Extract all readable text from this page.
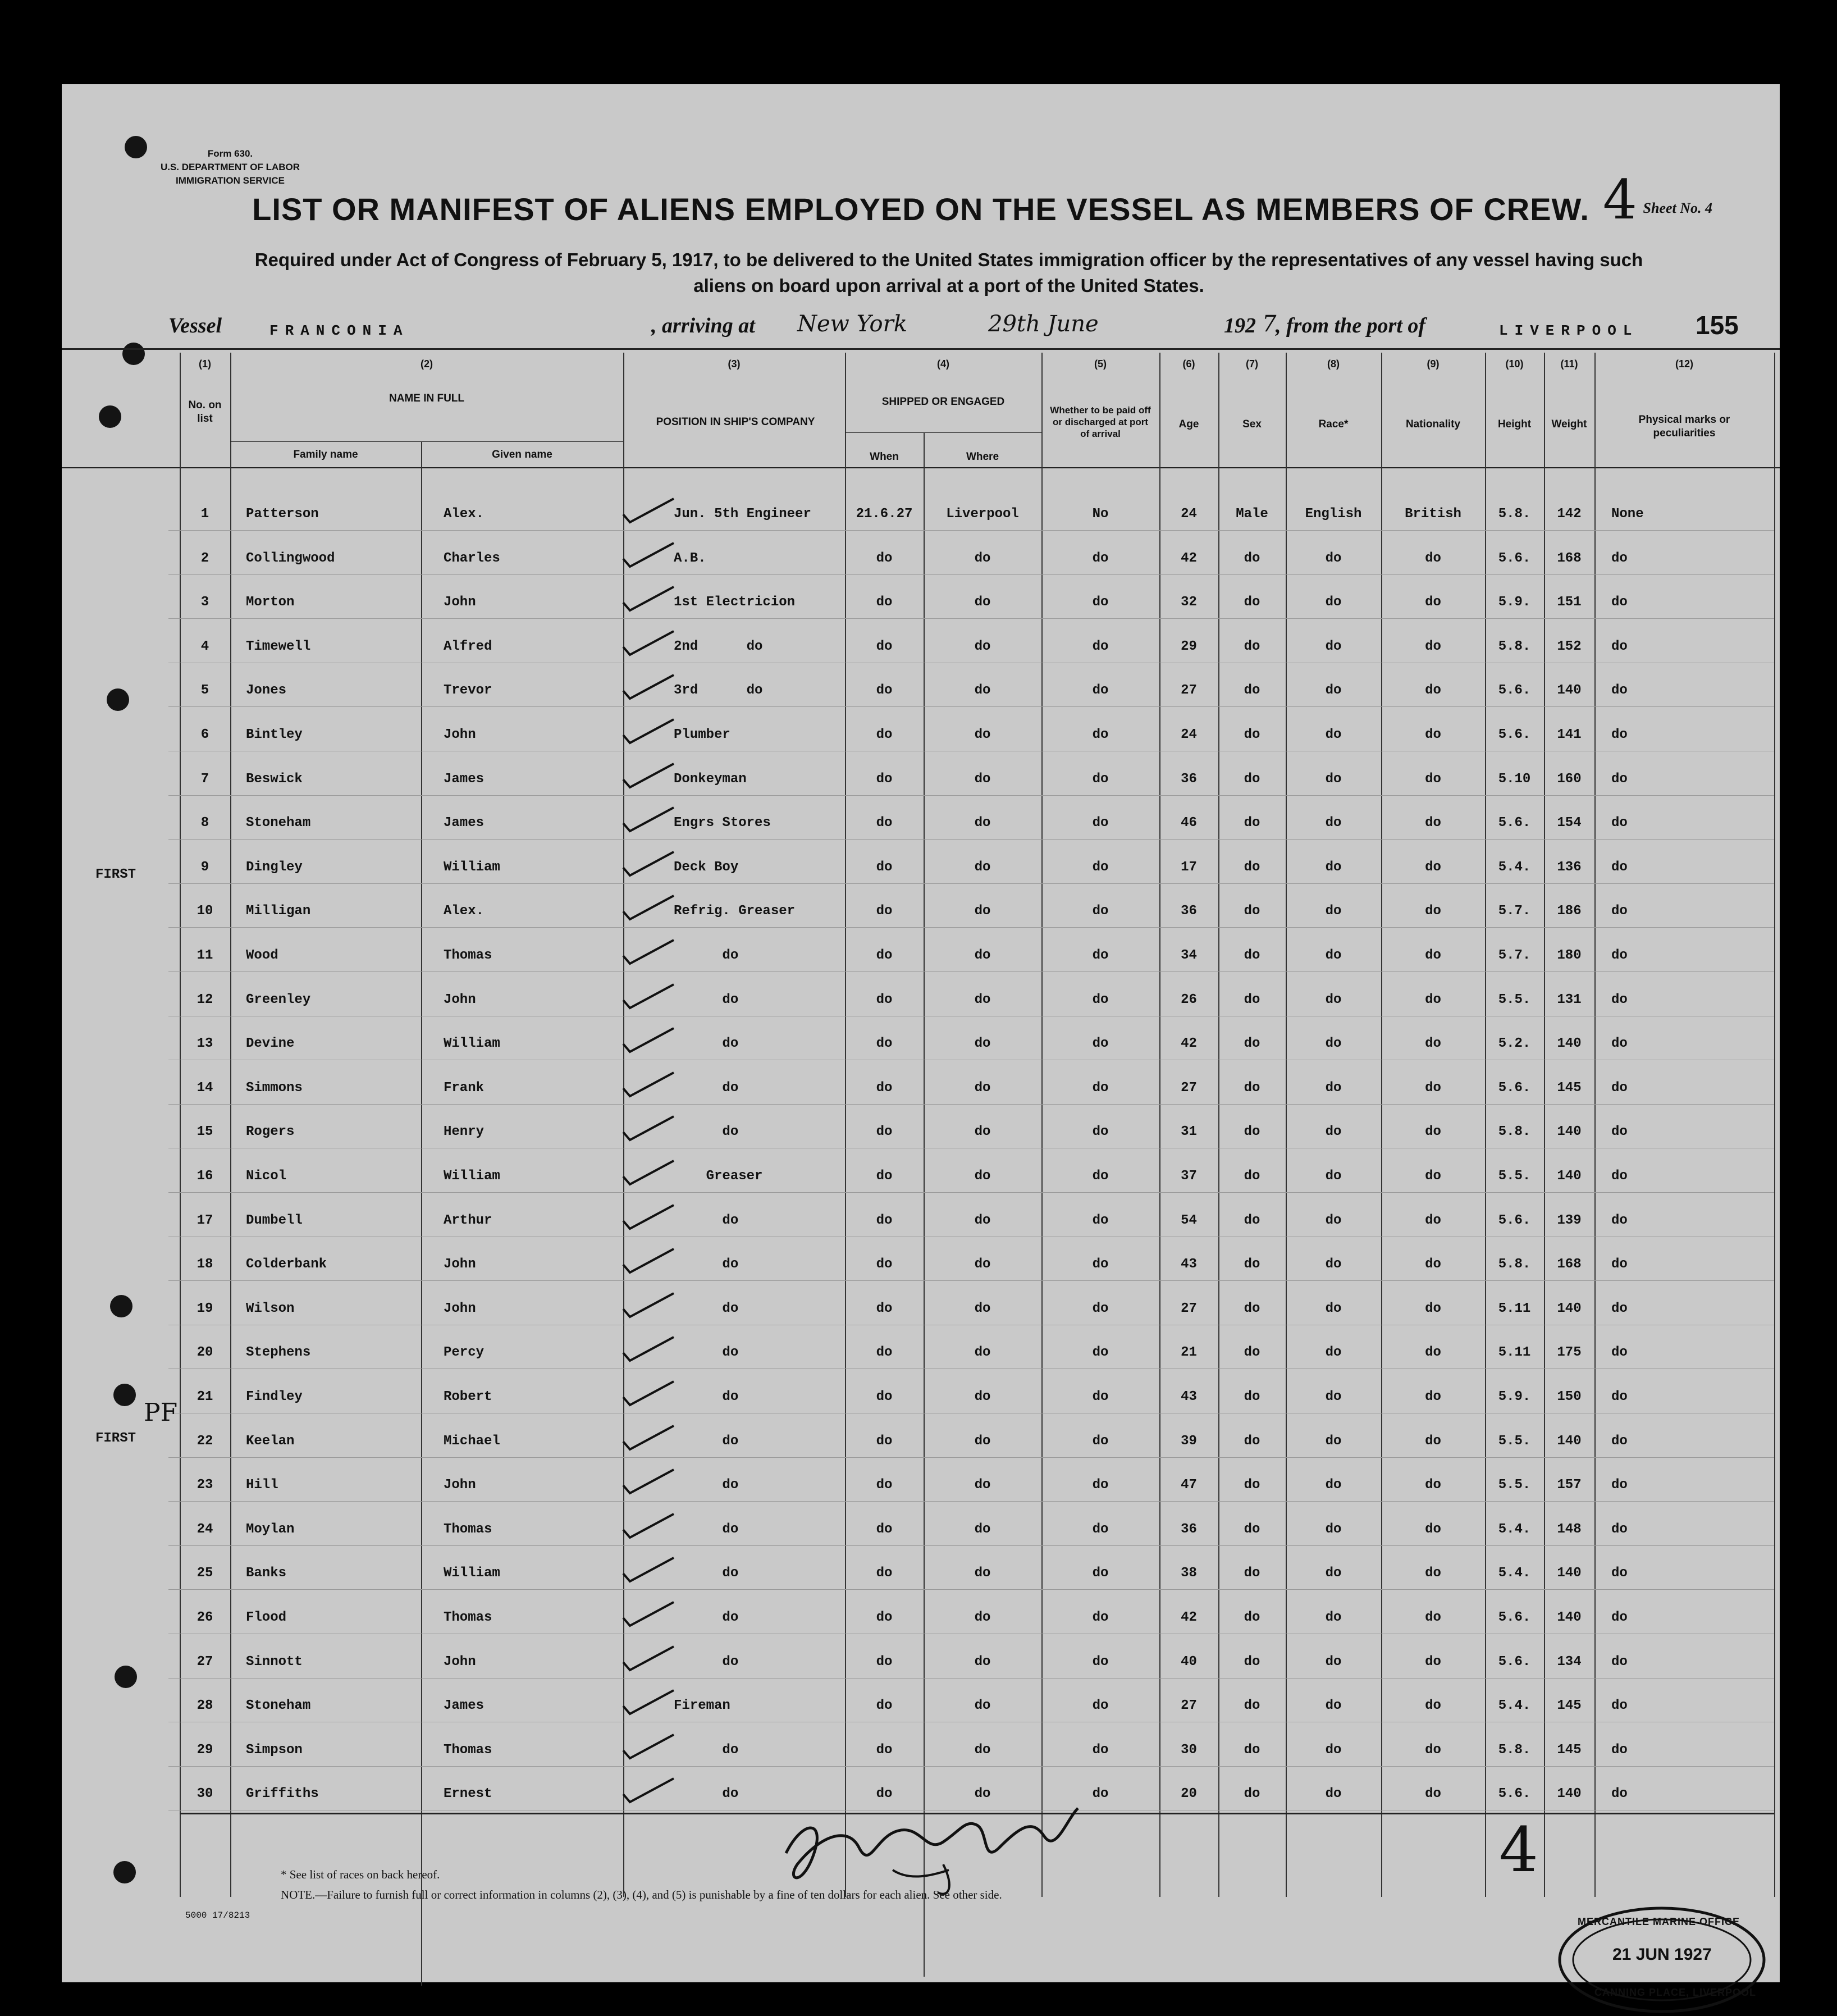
Form 630.
U.S. DEPARTMENT OF LABOR
IMMIGRATION SERVICE	4 Sheet No. 4
LIST OR MANIFEST OF ALIENS EMPLOYED ON THE VESSEL AS MEMBERS OF CREW.
Required under Act of Congress of February 5, 1917, to be delivered to the United States immigration officer by the representatives of any vessel having such
aliens on board upon arrival at a port of the United States.
Vessel	FRANCONIA	, arriving at New York	29th June	192 7
, from the port of	LIVERPOOL 155
(1)	(2)	(3)	(4)	(5)	(6)	(7)	(8)	(9)	(10)	(11)	(12)
No. on list
NAME IN FULL
Family name	Given name
POSITION IN SHIP'S COMPANY
SHIPPED OR ENGAGED
When	Where
Whether to be paid off or discharged at port of arrival
Age	Sex	Race*	Nationality	Height	Weight	Physical marks or peculiarities
1	Patterson	Alex.	Jun. 5th Engineer	21.6.27	Liverpool	No	24	Male	English	British	5.8.	142	None
2	Collingwood	Charles	A.B.	do	do	do	42	do	do	do	5.6.	168	do
3	Morton	John	1st Electricion	do	do	do	32	do	do	do	5.9.	151	do
4	Timewell	Alfred	2nd      do	do	do	do	29	do	do	do	5.8.	152	do
5	Jones	Trevor	3rd      do	do	do	do	27	do	do	do	5.6.	140	do
6	Bintley	John	Plumber	do	do	do	24	do	do	do	5.6.	141	do
7	Beswick	James	Donkeyman	do	do	do	36	do	do	do	5.10	160	do
8	Stoneham	James	Engrs Stores	do	do	do	46	do	do	do	5.6.	154	do
9	Dingley	William	Deck Boy	do	do	do	17	do	do	do	5.4.	136	do
10	Milligan	Alex.	Refrig. Greaser	do	do	do	36	do	do	do	5.7.	186	do
11	Wood	Thomas	do	do	do	do	34	do	do	do	5.7.	180	do
12	Greenley	John	do	do	do	do	26	do	do	do	5.5.	131	do
13	Devine	William	do	do	do	do	42	do	do	do	5.2.	140	do
14	Simmons	Frank	do	do	do	do	27	do	do	do	5.6.	145	do
15	Rogers	Henry	do	do	do	do	31	do	do	do	5.8.	140	do
16	Nicol	William	Greaser	do	do	do	37	do	do	do	5.5.	140	do
17	Dumbell	Arthur	do	do	do	do	54	do	do	do	5.6.	139	do
18	Colderbank	John	do	do	do	do	43	do	do	do	5.8.	168	do
19	Wilson	John	do	do	do	do	27	do	do	do	5.11	140	do
20	Stephens	Percy	do	do	do	do	21	do	do	do	5.11	175	do
21	Findley	Robert	do	do	do	do	43	do	do	do	5.9.	150	do
22	Keelan	Michael	do	do	do	do	39	do	do	do	5.5.	140	do
23	Hill	John	do	do	do	do	47	do	do	do	5.5.	157	do
24	Moylan	Thomas	do	do	do	do	36	do	do	do	5.4.	148	do
25	Banks	William	do	do	do	do	38	do	do	do	5.4.	140	do
26	Flood	Thomas	do	do	do	do	42	do	do	do	5.6.	140	do
27	Sinnott	John	do	do	do	do	40	do	do	do	5.6.	134	do
28	Stoneham	James	Fireman	do	do	do	27	do	do	do	5.4.	145	do
29	Simpson	Thomas	do	do	do	do	30	do	do	do	5.8.	145	do
30	Griffiths	Ernest	do	do	do	do	20	do	do	do	5.6.	140	do
FIRST
FIRST
PF
4
* See list of races on back hereof.
NOTE.—Failure to furnish full or correct information in columns (2), (3), (4), and (5) is punishable by a fine of ten dollars for each alien. See other side.
5000 17/8213
MERCANTILE MARINE OFFICE
21 JUN 1927
CANNING PLACE, LIVERPOOL
